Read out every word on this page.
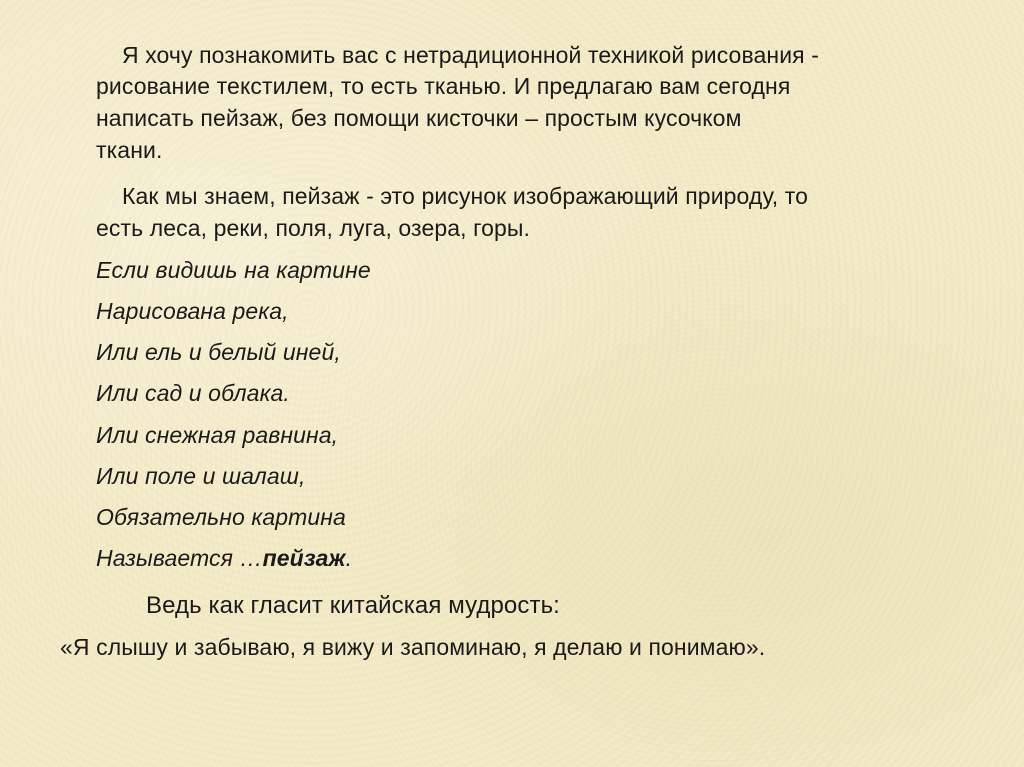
Я хочу познакомить вас с нетрадиционной техникой рисования -
рисование текстилем, то есть тканью. И предлагаю вам сегодня
написать пейзаж, без помощи кисточки – простым кусочком
ткани.
Как мы знаем, пейзаж - это рисунок изображающий природу, то
есть леса, реки, поля, луга, озера, горы.
Если видишь на картине
Нарисована река,
Или ель и белый иней,
Или сад и облака.
Или снежная равнина,
Или поле и шалаш,
Обязательно картина
Называется …пейзаж.
Ведь как гласит китайская мудрость:
«Я слышу и забываю, я вижу и запоминаю, я делаю и понимаю».
